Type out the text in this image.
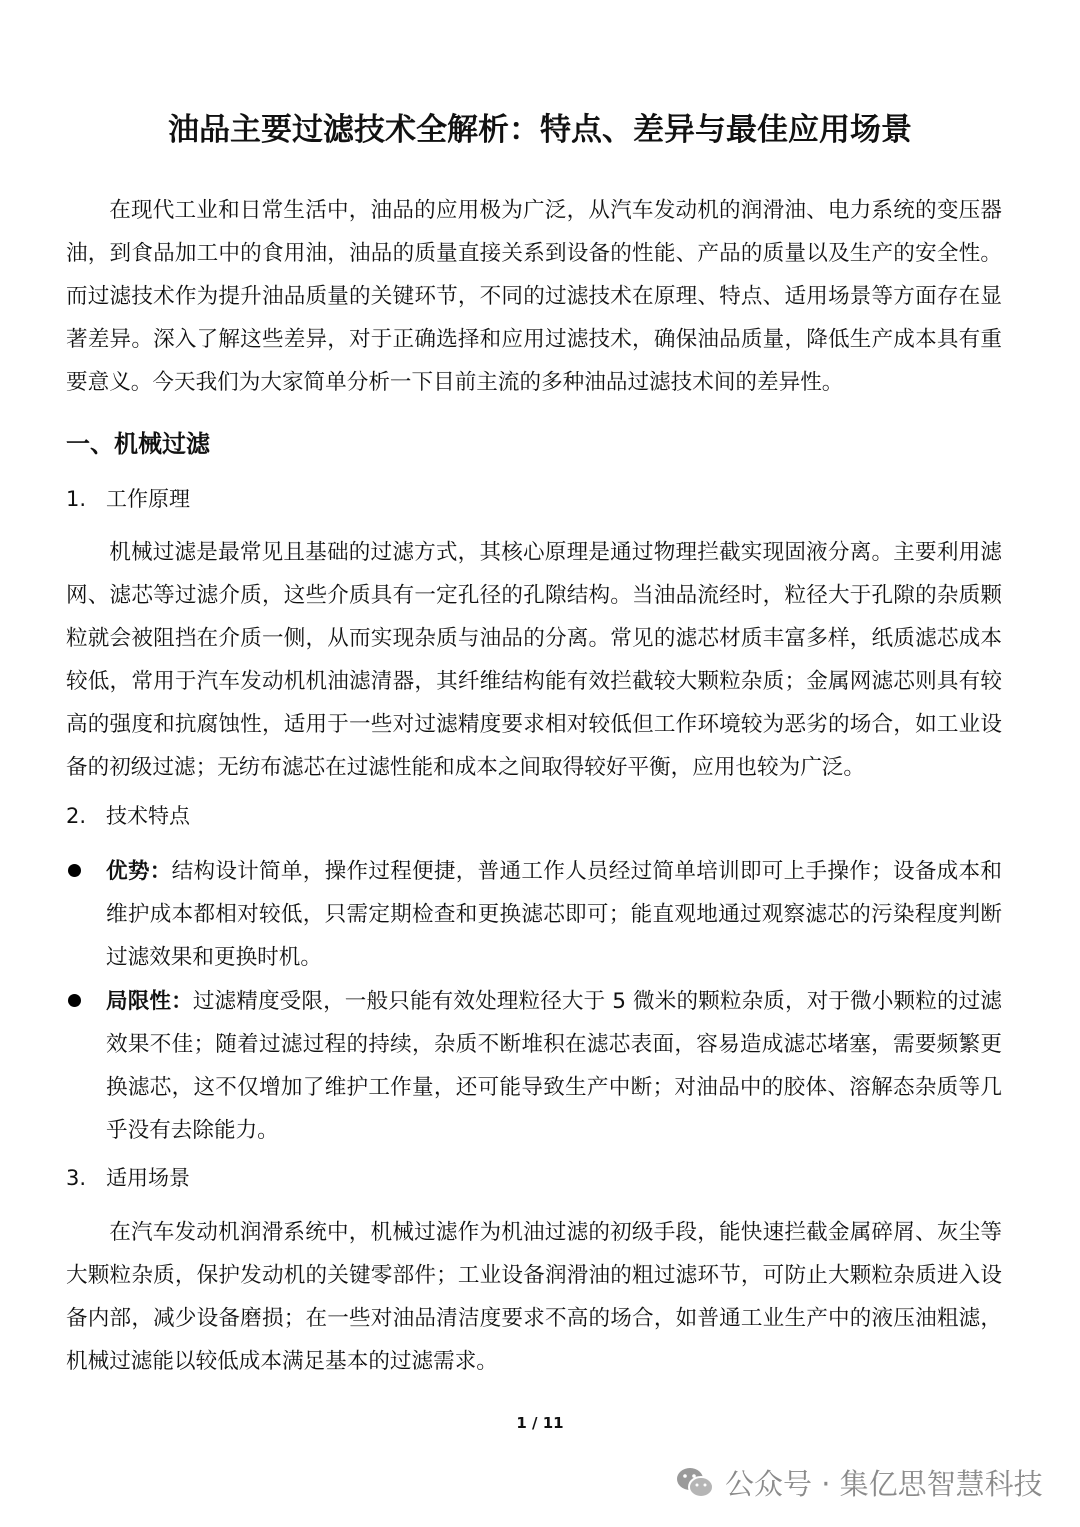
油品主要过滤技术全解析：特点、差异与最佳应用场景

在现代工业和日常生活中，油品的应用极为广泛，从汽车发动机的润滑油、电力系统的变压器油，到食品加工中的食用油，油品的质量直接关系到设备的性能、产品的质量以及生产的安全性。而过滤技术作为提升油品质量的关键环节，不同的过滤技术在原理、特点、适用场景等方面存在显著差异。深入了解这些差异，对于正确选择和应用过滤技术，确保油品质量，降低生产成本具有重要意义。今天我们为大家简单分析一下目前主流的多种油品过滤技术间的差异性。

一、机械过滤
1. 工作原理

机械过滤是最常见且基础的过滤方式，其核心原理是通过物理拦截实现固液分离。主要利用滤网、滤芯等过滤介质，这些介质具有一定孔径的孔隙结构。当油品流经时，粒径大于孔隙的杂质颗粒就会被阻挡在介质一侧，从而实现杂质与油品的分离。常见的滤芯材质丰富多样，纸质滤芯成本较低，常用于汽车发动机机油滤清器，其纤维结构能有效拦截较大颗粒杂质；金属网滤芯则具有较高的强度和抗腐蚀性，适用于一些对过滤精度要求相对较低但工作环境较为恶劣的场合，如工业设备的初级过滤；无纺布滤芯在过滤性能和成本之间取得较好平衡，应用也较为广泛。

2. 技术特点
优势：结构设计简单，操作过程便捷，普通工作人员经过简单培训即可上手操作；设备成本和维护成本都相对较低，只需定期检查和更换滤芯即可；能直观地通过观察滤芯的污染程度判断过滤效果和更换时机。
局限性：过滤精度受限，一般只能有效处理粒径大于 5 微米的颗粒杂质，对于微小颗粒的过滤效果不佳；随着过滤过程的持续，杂质不断堆积在滤芯表面，容易造成滤芯堵塞，需要频繁更换滤芯，这不仅增加了维护工作量，还可能导致生产中断；对油品中的胶体、溶解态杂质等几乎没有去除能力。
3. 适用场景

在汽车发动机润滑系统中，机械过滤作为机油过滤的初级手段，能快速拦截金属碎屑、灰尘等大颗粒杂质，保护发动机的关键零部件；工业设备润滑油的粗过滤环节，可防止大颗粒杂质进入设备内部，减少设备磨损；在一些对油品清洁度要求不高的场合，如普通工业生产中的液压油粗滤，机械过滤能以较低成本满足基本的过滤需求。

1 / 11
公众号 · 集亿思智慧科技
